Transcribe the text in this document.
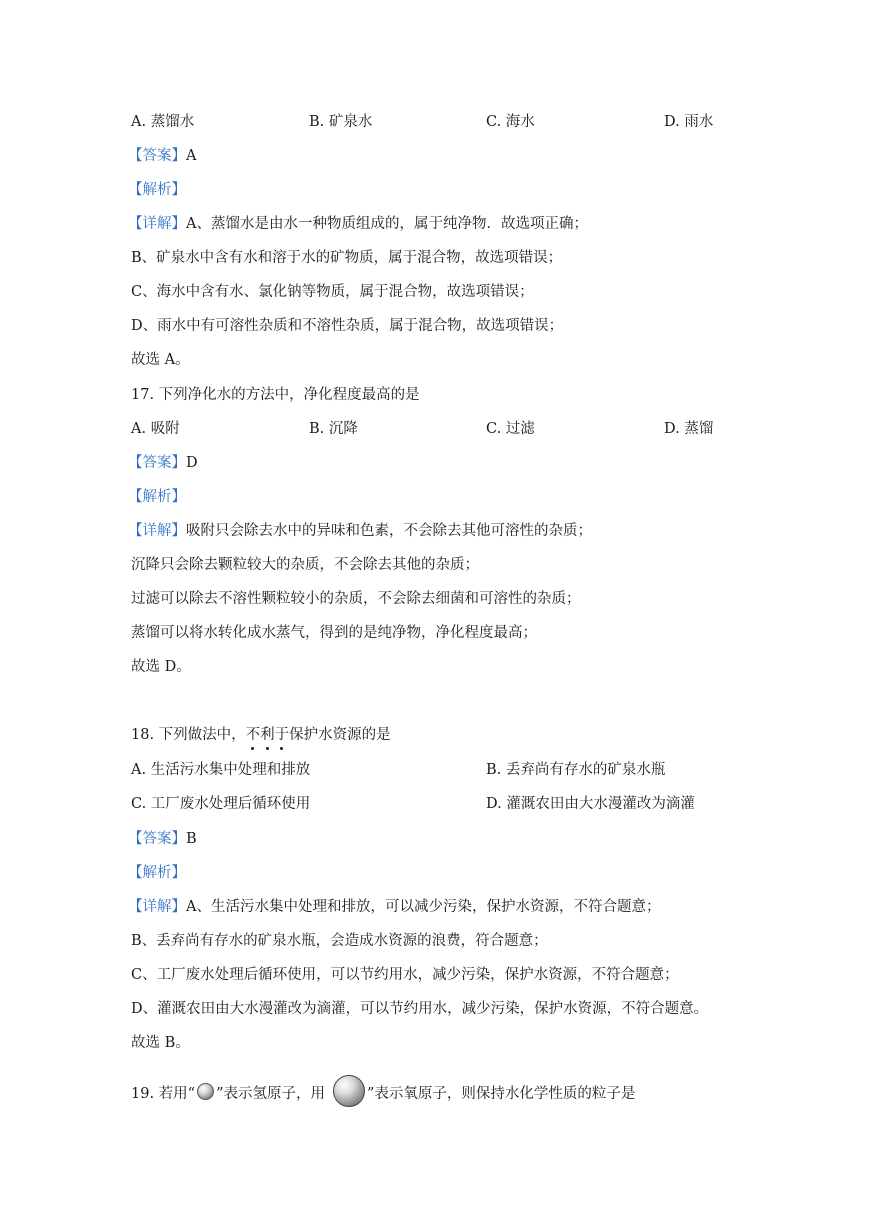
A. 蒸馏水	B. 矿泉水	C. 海水	D. 雨水
【答案】A
【解析】
【详解】A、蒸馏水是由水一种物质组成的，属于纯净物．故选项正确；
B、矿泉水中含有水和溶于水的矿物质，属于混合物，故选项错误；
C、海水中含有水、氯化钠等物质，属于混合物，故选项错误；
D、雨水中有可溶性杂质和不溶性杂质，属于混合物，故选项错误；
故选 A。
17. 下列净化水的方法中，净化程度最高的是
A. 吸附	B. 沉降	C. 过滤	D. 蒸馏
【答案】D
【解析】
【详解】吸附只会除去水中的异味和色素，不会除去其他可溶性的杂质；
沉降只会除去颗粒较大的杂质，不会除去其他的杂质；
过滤可以除去不溶性颗粒较小的杂质，不会除去细菌和可溶性的杂质；
蒸馏可以将水转化成水蒸气，得到的是纯净物，净化程度最高；
故选 D。
18. 下列做法中，不利于保护水资源的是
A. 生活污水集中处理和排放	B. 丢弃尚有存水的矿泉水瓶
C. 工厂废水处理后循环使用	D. 灌溉农田由大水漫灌改为滴灌
【答案】B
【解析】
【详解】A、生活污水集中处理和排放，可以减少污染，保护水资源，不符合题意；
B、丢弃尚有存水的矿泉水瓶，会造成水资源的浪费，符合题意；
C、工厂废水处理后循环使用，可以节约用水，减少污染，保护水资源，不符合题意；
D、灌溉农田由大水漫灌改为滴灌，可以节约用水，减少污染，保护水资源，不符合题意。
故选 B。
19. 若用“ ”表示氢原子，用	”表示氧原子，则保持水化学性质的粒子是
